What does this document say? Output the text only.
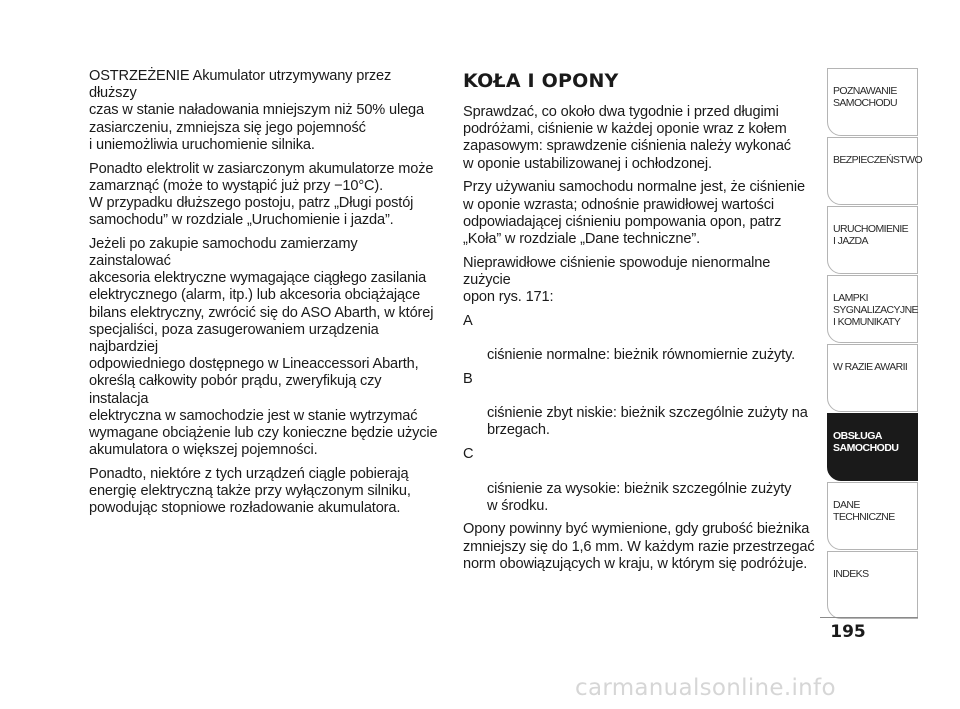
OSTRZEŻENIE Akumulator utrzymywany przez dłuższy
czas w stanie naładowania mniejszym niż 50% ulega
zasiarczeniu, zmniejsza się jego pojemność
i uniemożliwia uruchomienie silnika.

Ponadto elektrolit w zasiarczonym akumulatorze może
zamarznąć (może to wystąpić już przy −10°C).
W przypadku dłuższego postoju, patrz „Długi postój
samochodu” w rozdziale „Uruchomienie i jazda”.

Jeżeli po zakupie samochodu zamierzamy zainstalować
akcesoria elektryczne wymagające ciągłego zasilania
elektrycznego (alarm, itp.) lub akcesoria obciążające
bilans elektryczny, zwrócić się do ASO Abarth, w której
specjaliści, poza zasugerowaniem urządzenia najbardziej
odpowiedniego dostępnego w Lineaccessori Abarth,
określą całkowity pobór prądu, zweryfikują czy instalacja
elektryczna w samochodzie jest w stanie wytrzymać
wymagane obciążenie lub czy konieczne będzie użycie
akumulatora o większej pojemności.

Ponadto, niektóre z tych urządzeń ciągle pobierają
energię elektryczną także przy wyłączonym silniku,
powodując stopniowe rozładowanie akumulatora.

KOŁA I OPONY

Sprawdzać, co około dwa tygodnie i przed długimi
podróżami, ciśnienie w każdej oponie wraz z kołem
zapasowym: sprawdzenie ciśnienia należy wykonać
w oponie ustabilizowanej i ochłodzonej.

Przy używaniu samochodu normalne jest, że ciśnienie
w oponie wzrasta; odnośnie prawidłowej wartości
odpowiadającej ciśnieniu pompowania opon, patrz
„Koła” w rozdziale „Dane techniczne”.

Nieprawidłowe ciśnienie spowoduje nienormalne zużycie
opon rys. 171:

A

ciśnienie normalne: bieżnik równomiernie zużyty.

B

ciśnienie zbyt niskie: bieżnik szczególnie zużyty na
brzegach.

C

ciśnienie za wysokie: bieżnik szczególnie zużyty
w środku.

Opony powinny być wymienione, gdy grubość bieżnika
zmniejszy się do 1,6 mm. W każdym razie przestrzegać
norm obowiązujących w kraju, w którym się podróżuje.

POZNAWANIE
SAMOCHODU
BEZPIECZEŃSTWO
URUCHOMIENIE
I JAZDA
LAMPKI
SYGNALIZACYJNE
I KOMUNIKATY
W RAZIE AWARII
OBSŁUGA
SAMOCHODU
DANE
TECHNICZNE
INDEKS
195
carmanualsonline.info
